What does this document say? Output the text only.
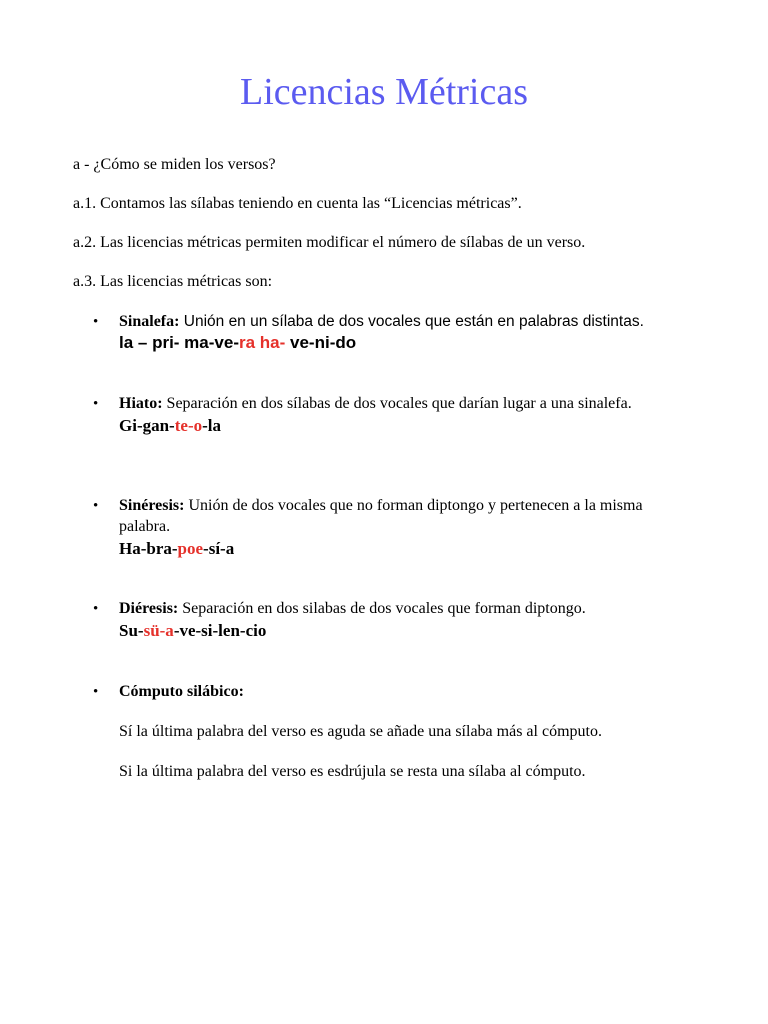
Licencias Métricas
a - ¿Cómo se miden los versos?
a.1. Contamos las sílabas teniendo en cuenta las “Licencias métricas”.
a.2. Las licencias métricas permiten modificar el número de sílabas de un verso.
a.3. Las licencias métricas son:
• Sinalefa: Unión en un sílaba de dos vocales que están en palabras distintas.
la – pri- ma-ve-ra ha- ve-ni-do
• Hiato: Separación en dos sílabas de dos vocales que darían lugar a una sinalefa.
Gi-gan-te-o-la
• Sinéresis: Unión de dos vocales que no forman diptongo y pertenecen a la misma palabra.
Ha-bra-poe-sí-a
• Diéresis: Separación en dos silabas de dos vocales que forman diptongo.
Su-sü-a-ve-si-len-cio
• Cómputo silábico:
Sí la última palabra del verso es aguda se añade una sílaba más al cómputo.
Si la última palabra del verso es esdrújula se resta una sílaba al cómputo.
